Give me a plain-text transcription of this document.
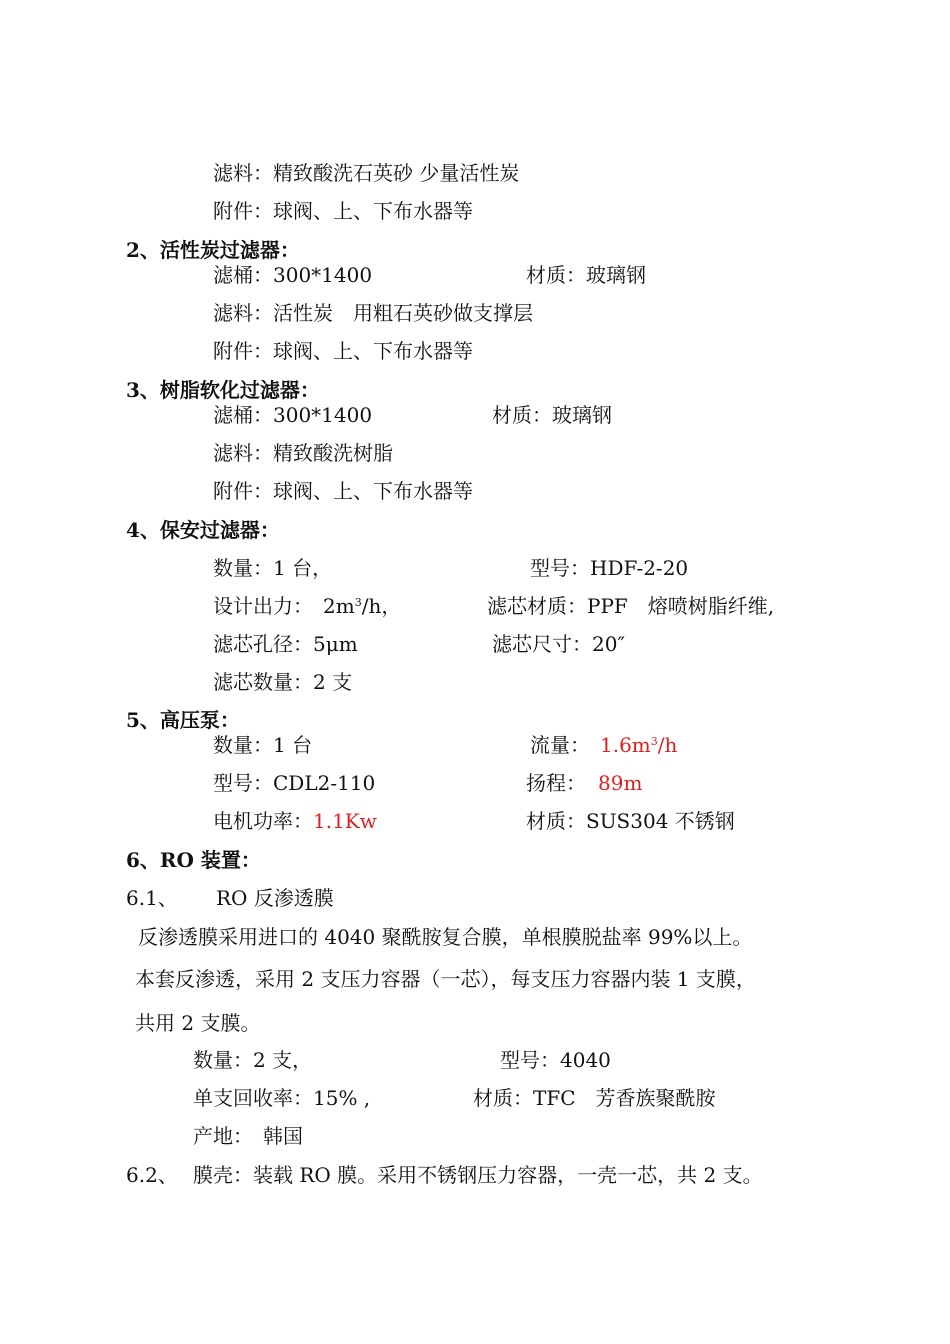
滤料：精致酸洗石英砂 少量活性炭
附件：球阀、上、下布水器等
2、活性炭过滤器：
滤桶：300*1400	材质：玻璃钢
滤料：活性炭　用粗石英砂做支撑层
附件：球阀、上、下布水器等
3、树脂软化过滤器：
滤桶：300*1400	材质：玻璃钢
滤料：精致酸洗树脂
附件：球阀、上、下布水器等
4、保安过滤器：
数量：1 台，	型号：HDF-2-20
设计出力：　$2m^3/h$，	滤芯材质：PPF　熔喷树脂纤维,
滤芯孔径：5μm	滤芯尺寸：20″
滤芯数量：2 支
5、高压泵：
数量：1 台	流量： $1.6m^3/h$
型号：CDL2-110	扬程： 89m
电机功率：1.1Kw	材质：SUS304 不锈钢
6、RO 装置：
6.1、 RO 反渗透膜
反渗透膜采用进口的 4040 聚酰胺复合膜，单根膜脱盐率 99%以上。
本套反渗透，采用 2 支压力容器（一芯），每支压力容器内装 1 支膜，
共用 2 支膜。
数量：2 支，	型号：4040
单支回收率：15% ,	材质：TFC　芳香族聚酰胺
产地：　韩国
6.2、 膜壳：装载 RO 膜。采用不锈钢压力容器，一壳一芯，共 2 支。
